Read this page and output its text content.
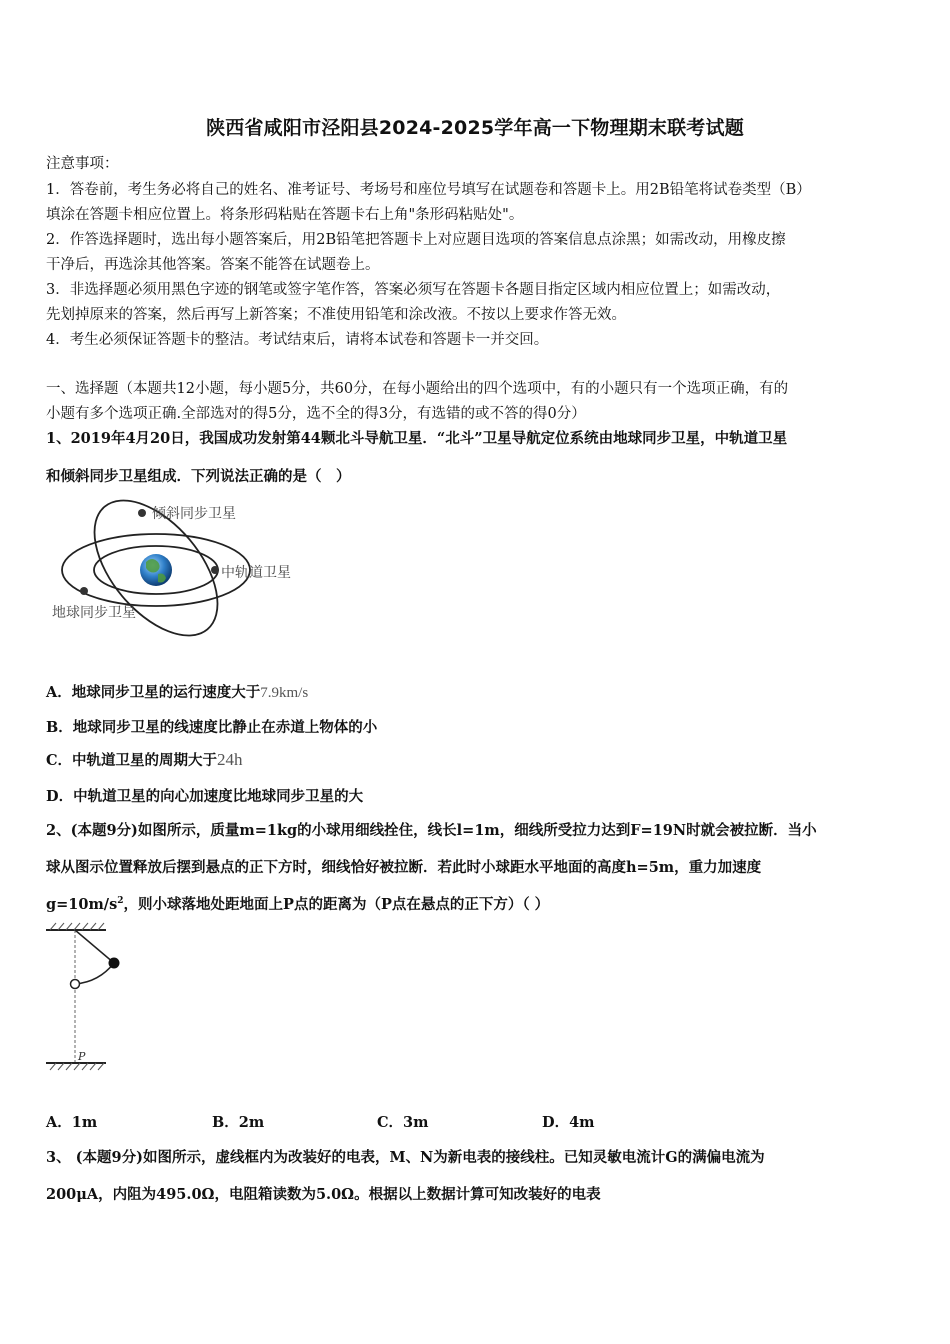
陕西省咸阳市泾阳县2024-2025学年高一下物理期末联考试题
注意事项：
1．答卷前，考生务必将自己的姓名、准考证号、考场号和座位号填写在试题卷和答题卡上。用2B铅笔将试卷类型（B）
填涂在答题卡相应位置上。将条形码粘贴在答题卡右上角"条形码粘贴处"。
2．作答选择题时，选出每小题答案后，用2B铅笔把答题卡上对应题目选项的答案信息点涂黑；如需改动，用橡皮擦
干净后，再选涂其他答案。答案不能答在试题卷上。
3．非选择题必须用黑色字迹的钢笔或签字笔作答，答案必须写在答题卡各题目指定区域内相应位置上；如需改动，
先划掉原来的答案，然后再写上新答案；不准使用铅笔和涂改液。不按以上要求作答无效。
4．考生必须保证答题卡的整洁。考试结束后，请将本试卷和答题卡一并交回。
一、选择题（本题共12小题，每小题5分，共60分，在每小题给出的四个选项中，有的小题只有一个选项正确，有的
小题有多个选项正确.全部选对的得5分，选不全的得3分，有选错的或不答的得0分）
1、2019年4月20日，我国成功发射第44颗北斗导航卫星．“北斗”卫星导航定位系统由地球同步卫星，中轨道卫星
和倾斜同步卫星组成．下列说法正确的是（　）
倾斜同步卫星
中轨道卫星
地球同步卫星
A．地球同步卫星的运行速度大于7.9km/s
B．地球同步卫星的线速度比静止在赤道上物体的小
C．中轨道卫星的周期大于24h
D．中轨道卫星的向心加速度比地球同步卫星的大
2、(本题9分)如图所示，质量m=1kg的小球用细线拴住，线长l=1m，细线所受拉力达到F=19N时就会被拉断．当小
球从图示位置释放后摆到悬点的正下方时，细线恰好被拉断．若此时小球距水平地面的高度h=5m，重力加速度
$g=10m/s^2$，则小球落地处距地面上P点的距离为（P点在悬点的正下方）（ ）
P
A．1m	B．2m	C．3m	D．4m
3、 (本题9分)如图所示，虚线框内为改装好的电表，M、N为新电表的接线柱。已知灵敏电流计G的满偏电流为
200μA，内阻为495.0Ω，电阻箱读数为5.0Ω。根据以上数据计算可知改装好的电表
